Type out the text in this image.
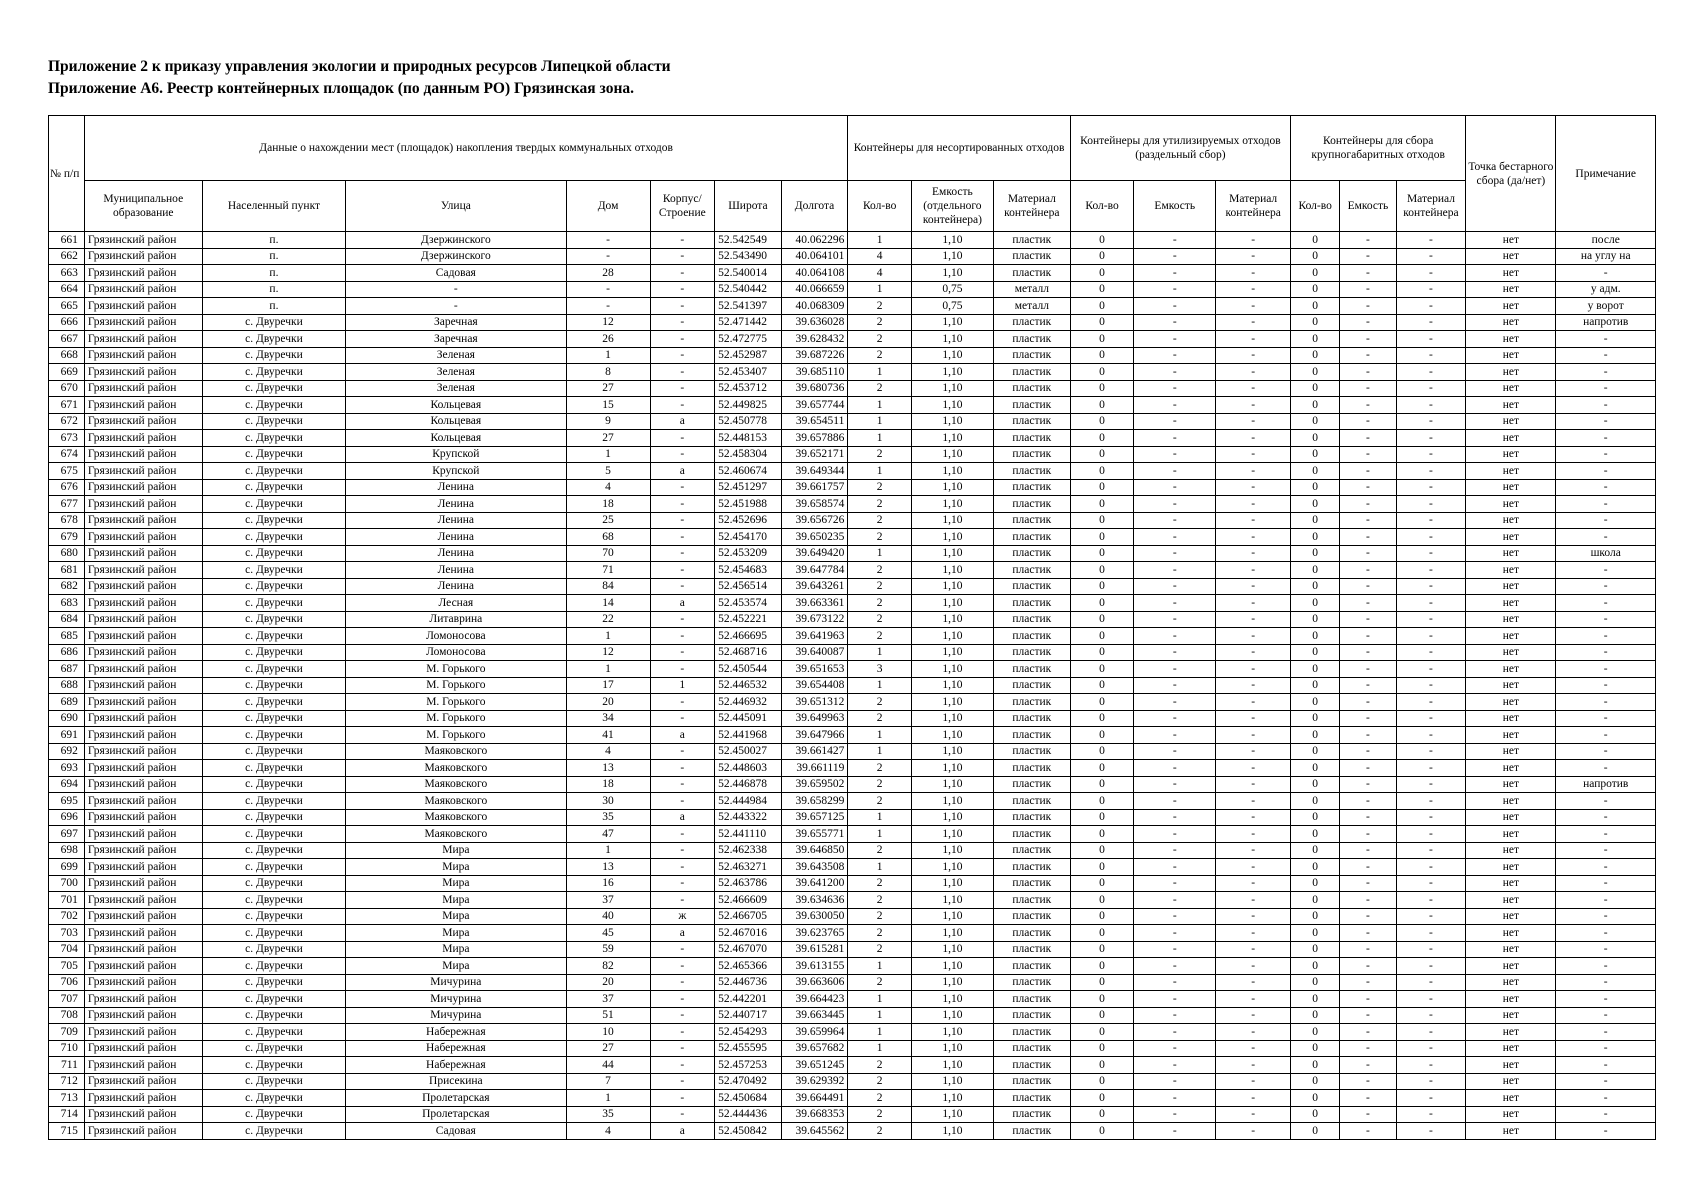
Приложение 2 к приказу управления экологии и природных ресурсов Липецкой области
Приложение А6. Реестр контейнерных площадок (по данным РО) Грязинская зона.
№ п/п	Данные о нахождении мест (площадок) накопления твердых коммунальных отходов							Контейнеры для несортированных отходов			Контейнеры для утилизируемых отходов (раздельный сбор)			Контейнеры для сбора крупногабаритных отходов			Точка бестарного сбора (да/нет)	Примечание
	Муниципальное образование	Населенный пункт	Улица	Дом	Корпус/ Строение	Широта	Долгота	Кол-во	Емкость (отдельного контейнера)	Материал контейнера	Кол-во	Емкость	Материал контейнера	Кол-во	Емкость	Материал контейнера		
661	Грязинский район	п.	Дзержинского	-	-	52.542549	40.062296	1	1,10	пластик	0	-	-	0	-	-	нет	после
662	Грязинский район	п.	Дзержинского	-	-	52.543490	40.064101	4	1,10	пластик	0	-	-	0	-	-	нет	на углу на
663	Грязинский район	п.	Садовая	28	-	52.540014	40.064108	4	1,10	пластик	0	-	-	0	-	-	нет	-
664	Грязинский район	п.	-	-	-	52.540442	40.066659	1	0,75	металл	0	-	-	0	-	-	нет	у адм.
665	Грязинский район	п.	-	-	-	52.541397	40.068309	2	0,75	металл	0	-	-	0	-	-	нет	у ворот
666	Грязинский район	с. Двуречки	Заречная	12	-	52.471442	39.636028	2	1,10	пластик	0	-	-	0	-	-	нет	напротив
667	Грязинский район	с. Двуречки	Заречная	26	-	52.472775	39.628432	2	1,10	пластик	0	-	-	0	-	-	нет	-
668	Грязинский район	с. Двуречки	Зеленая	1	-	52.452987	39.687226	2	1,10	пластик	0	-	-	0	-	-	нет	-
669	Грязинский район	с. Двуречки	Зеленая	8	-	52.453407	39.685110	1	1,10	пластик	0	-	-	0	-	-	нет	-
670	Грязинский район	с. Двуречки	Зеленая	27	-	52.453712	39.680736	2	1,10	пластик	0	-	-	0	-	-	нет	-
671	Грязинский район	с. Двуречки	Кольцевая	15	-	52.449825	39.657744	1	1,10	пластик	0	-	-	0	-	-	нет	-
672	Грязинский район	с. Двуречки	Кольцевая	9	а	52.450778	39.654511	1	1,10	пластик	0	-	-	0	-	-	нет	-
673	Грязинский район	с. Двуречки	Кольцевая	27	-	52.448153	39.657886	1	1,10	пластик	0	-	-	0	-	-	нет	-
674	Грязинский район	с. Двуречки	Крупской	1	-	52.458304	39.652171	2	1,10	пластик	0	-	-	0	-	-	нет	-
675	Грязинский район	с. Двуречки	Крупской	5	а	52.460674	39.649344	1	1,10	пластик	0	-	-	0	-	-	нет	-
676	Грязинский район	с. Двуречки	Ленина	4	-	52.451297	39.661757	2	1,10	пластик	0	-	-	0	-	-	нет	-
677	Грязинский район	с. Двуречки	Ленина	18	-	52.451988	39.658574	2	1,10	пластик	0	-	-	0	-	-	нет	-
678	Грязинский район	с. Двуречки	Ленина	25	-	52.452696	39.656726	2	1,10	пластик	0	-	-	0	-	-	нет	-
679	Грязинский район	с. Двуречки	Ленина	68	-	52.454170	39.650235	2	1,10	пластик	0	-	-	0	-	-	нет	-
680	Грязинский район	с. Двуречки	Ленина	70	-	52.453209	39.649420	1	1,10	пластик	0	-	-	0	-	-	нет	школа
681	Грязинский район	с. Двуречки	Ленина	71	-	52.454683	39.647784	2	1,10	пластик	0	-	-	0	-	-	нет	-
682	Грязинский район	с. Двуречки	Ленина	84	-	52.456514	39.643261	2	1,10	пластик	0	-	-	0	-	-	нет	-
683	Грязинский район	с. Двуречки	Лесная	14	а	52.453574	39.663361	2	1,10	пластик	0	-	-	0	-	-	нет	-
684	Грязинский район	с. Двуречки	Литаврина	22	-	52.452221	39.673122	2	1,10	пластик	0	-	-	0	-	-	нет	-
685	Грязинский район	с. Двуречки	Ломоносова	1	-	52.466695	39.641963	2	1,10	пластик	0	-	-	0	-	-	нет	-
686	Грязинский район	с. Двуречки	Ломоносова	12	-	52.468716	39.640087	1	1,10	пластик	0	-	-	0	-	-	нет	-
687	Грязинский район	с. Двуречки	М. Горького	1	-	52.450544	39.651653	3	1,10	пластик	0	-	-	0	-	-	нет	-
688	Грязинский район	с. Двуречки	М. Горького	17	1	52.446532	39.654408	1	1,10	пластик	0	-	-	0	-	-	нет	-
689	Грязинский район	с. Двуречки	М. Горького	20	-	52.446932	39.651312	2	1,10	пластик	0	-	-	0	-	-	нет	-
690	Грязинский район	с. Двуречки	М. Горького	34	-	52.445091	39.649963	2	1,10	пластик	0	-	-	0	-	-	нет	-
691	Грязинский район	с. Двуречки	М. Горького	41	а	52.441968	39.647966	1	1,10	пластик	0	-	-	0	-	-	нет	-
692	Грязинский район	с. Двуречки	Маяковского	4	-	52.450027	39.661427	1	1,10	пластик	0	-	-	0	-	-	нет	-
693	Грязинский район	с. Двуречки	Маяковского	13	-	52.448603	39.661119	2	1,10	пластик	0	-	-	0	-	-	нет	-
694	Грязинский район	с. Двуречки	Маяковского	18	-	52.446878	39.659502	2	1,10	пластик	0	-	-	0	-	-	нет	напротив
695	Грязинский район	с. Двуречки	Маяковского	30	-	52.444984	39.658299	2	1,10	пластик	0	-	-	0	-	-	нет	-
696	Грязинский район	с. Двуречки	Маяковского	35	а	52.443322	39.657125	1	1,10	пластик	0	-	-	0	-	-	нет	-
697	Грязинский район	с. Двуречки	Маяковского	47	-	52.441110	39.655771	1	1,10	пластик	0	-	-	0	-	-	нет	-
698	Грязинский район	с. Двуречки	Мира	1	-	52.462338	39.646850	2	1,10	пластик	0	-	-	0	-	-	нет	-
699	Грязинский район	с. Двуречки	Мира	13	-	52.463271	39.643508	1	1,10	пластик	0	-	-	0	-	-	нет	-
700	Грязинский район	с. Двуречки	Мира	16	-	52.463786	39.641200	2	1,10	пластик	0	-	-	0	-	-	нет	-
701	Грязинский район	с. Двуречки	Мира	37	-	52.466609	39.634636	2	1,10	пластик	0	-	-	0	-	-	нет	-
702	Грязинский район	с. Двуречки	Мира	40	ж	52.466705	39.630050	2	1,10	пластик	0	-	-	0	-	-	нет	-
703	Грязинский район	с. Двуречки	Мира	45	а	52.467016	39.623765	2	1,10	пластик	0	-	-	0	-	-	нет	-
704	Грязинский район	с. Двуречки	Мира	59	-	52.467070	39.615281	2	1,10	пластик	0	-	-	0	-	-	нет	-
705	Грязинский район	с. Двуречки	Мира	82	-	52.465366	39.613155	1	1,10	пластик	0	-	-	0	-	-	нет	-
706	Грязинский район	с. Двуречки	Мичурина	20	-	52.446736	39.663606	2	1,10	пластик	0	-	-	0	-	-	нет	-
707	Грязинский район	с. Двуречки	Мичурина	37	-	52.442201	39.664423	1	1,10	пластик	0	-	-	0	-	-	нет	-
708	Грязинский район	с. Двуречки	Мичурина	51	-	52.440717	39.663445	1	1,10	пластик	0	-	-	0	-	-	нет	-
709	Грязинский район	с. Двуречки	Набережная	10	-	52.454293	39.659964	1	1,10	пластик	0	-	-	0	-	-	нет	-
710	Грязинский район	с. Двуречки	Набережная	27	-	52.455595	39.657682	1	1,10	пластик	0	-	-	0	-	-	нет	-
711	Грязинский район	с. Двуречки	Набережная	44	-	52.457253	39.651245	2	1,10	пластик	0	-	-	0	-	-	нет	-
712	Грязинский район	с. Двуречки	Присекина	7	-	52.470492	39.629392	2	1,10	пластик	0	-	-	0	-	-	нет	-
713	Грязинский район	с. Двуречки	Пролетарская	1	-	52.450684	39.664491	2	1,10	пластик	0	-	-	0	-	-	нет	-
714	Грязинский район	с. Двуречки	Пролетарская	35	-	52.444436	39.668353	2	1,10	пластик	0	-	-	0	-	-	нет	-
715	Грязинский район	с. Двуречки	Садовая	4	а	52.450842	39.645562	2	1,10	пластик	0	-	-	0	-	-	нет	-
